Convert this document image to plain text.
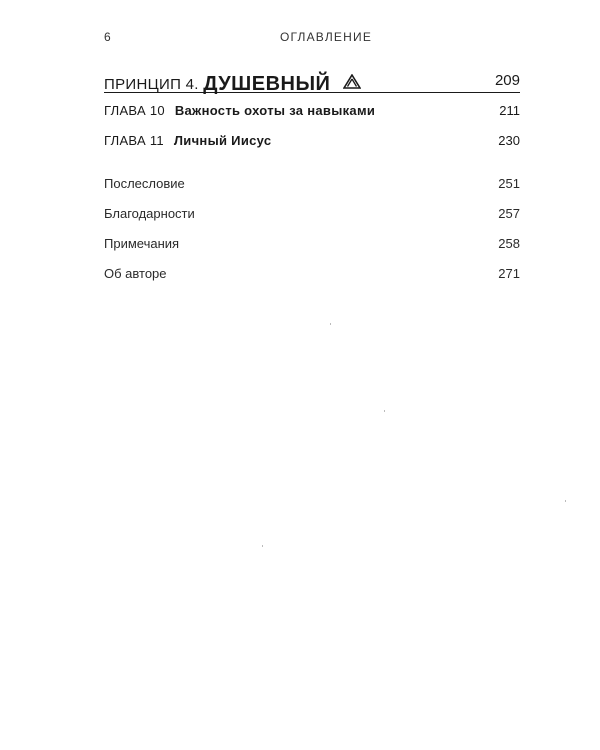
6	ОГЛАВЛЕНИЕ
ПРИНЦИП 4. ДУШЕВНЫЙ	209
ГЛАВА 10 Важность охоты за навыками	211
ГЛАВА 11 Личный Иисус	230
Послесловие	251
Благодарности	257
Примечания	258
Об авторе	271
